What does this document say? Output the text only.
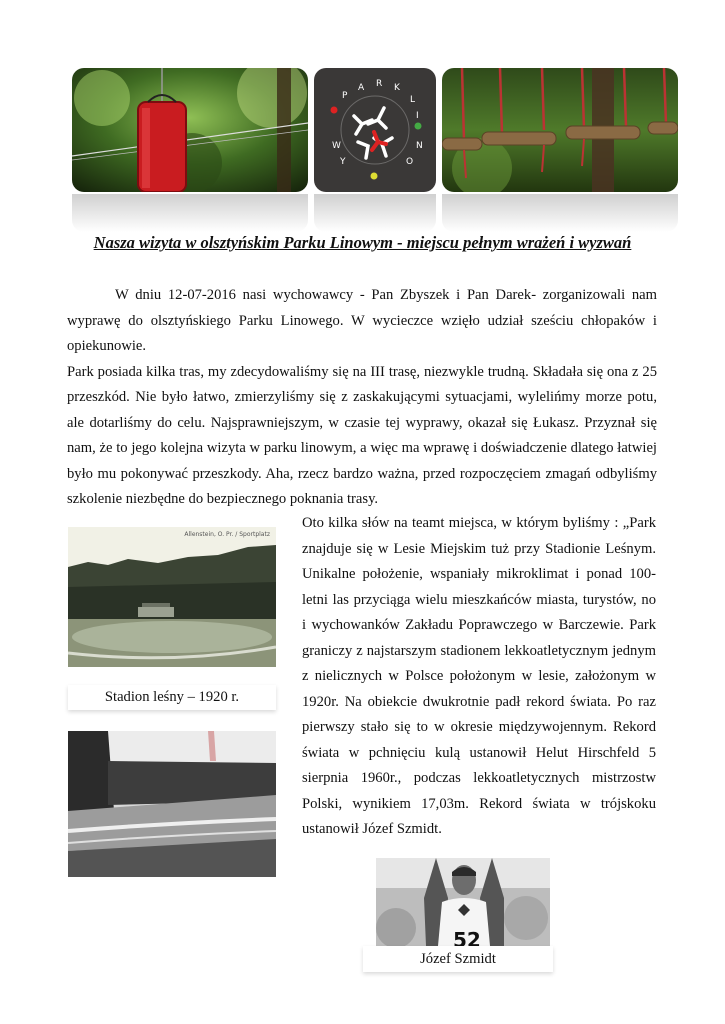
P
A R K
L
I
N
O
W
Y
Nasza wizyta w olsztyńskim Parku Linowym - miejscu pełnym wrażeń i wyzwań

W dniu 12-07-2016 nasi wychowawcy - Pan Zbyszek i Pan Darek- zorganizowali nam wyprawę do olsztyńskiego Parku Linowego. W wycieczce wzięło udział sześciu chłopaków i opiekunowie.

Park posiada kilka tras, my zdecydowaliśmy się na III trasę, niezwykle trudną. Składała się ona z 25 przeszkód. Nie było łatwo, zmierzyliśmy się z zaskakującymi sytuacjami, wylelińmy morze potu, ale dotarliśmy do celu. Najsprawniejszym, w czasie tej wyprawy, okazał się Łukasz. Przyznał się nam, że to jego kolejna wizyta w parku linowym, a więc ma wprawę i doświadczenie dlatego łatwiej było mu pokonywać przeszkody. Aha, rzecz bardzo ważna, przed rozpoczęciem zmagań odbyliśmy szkolenie niezbędne do bezpiecznego poknania trasy.

Allenstein, O. Pr. / Sportplatz
Stadion leśny – 1920 r.

Oto kilka słów na teamt miejsca, w którym byliśmy : „Park znajduje się w Lesie Miejskim tuż przy Stadionie Leśnym. Unikalne położenie, wspaniały mikroklimat i ponad 100-letni las przyciąga wielu mieszkańców miasta, turystów, no i wychowanków Zakładu Poprawczego w Barczewie. Park graniczy z najstarszym stadionem lekkoatletycznym jednym z nielicznych w Polsce położonym w lesie, założonym w 1920r. Na obiekcie dwukrotnie padł rekord świata. Po raz pierwszy stało się to w okresie międzywojennym. Rekord świata w pchnięciu kulą ustanowił Helut Hirschfeld 5 sierpnia 1960r., podczas lekkoatletycznych mistrzostw Polski, wynikiem 17,03m. Rekord świata w trójskoku ustanowił Józef Szmidt.

52
Józef Szmidt
